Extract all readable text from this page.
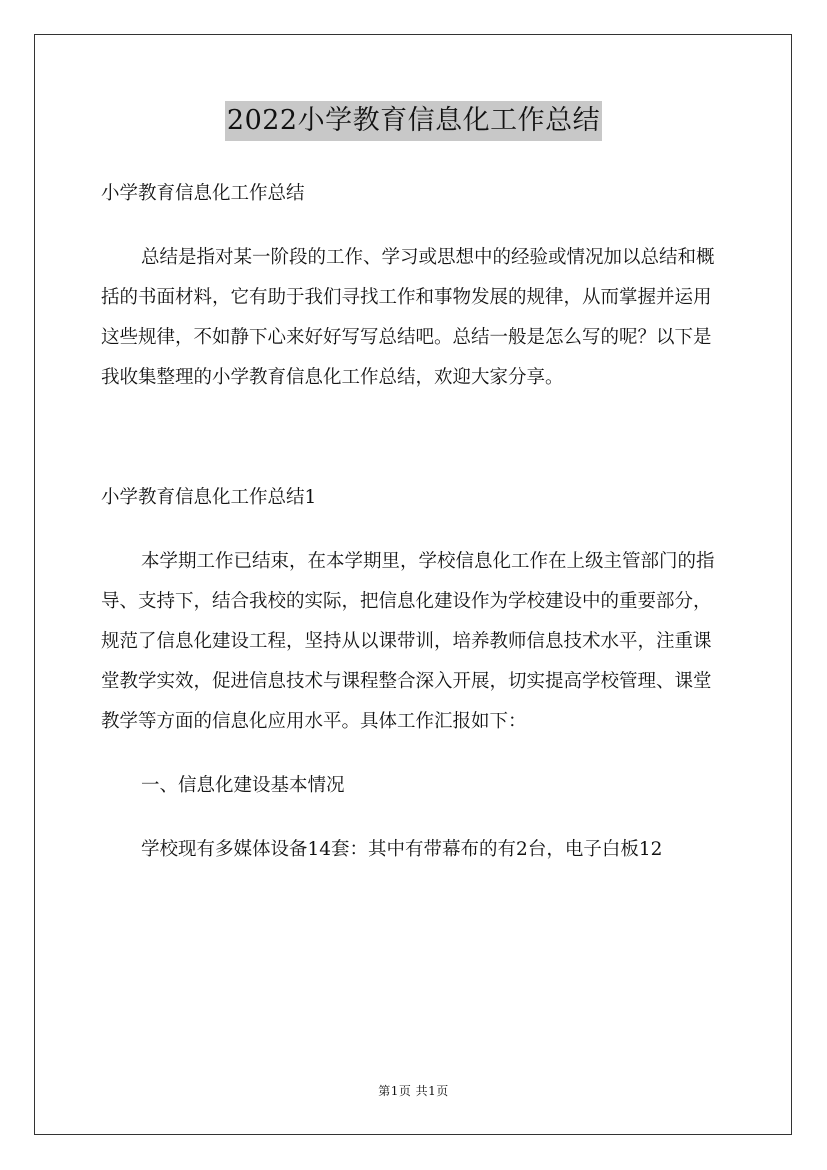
2022小学教育信息化工作总结

小学教育信息化工作总结

总结是指对某一阶段的工作、学习或思想中的经验或情况加以总结和概括的书面材料，它有助于我们寻找工作和事物发展的规律，从而掌握并运用这些规律，不如静下心来好好写写总结吧。总结一般是怎么写的呢？以下是我收集整理的小学教育信息化工作总结，欢迎大家分享。

小学教育信息化工作总结1

本学期工作已结束，在本学期里，学校信息化工作在上级主管部门的指导、支持下，结合我校的实际，把信息化建设作为学校建设中的重要部分，规范了信息化建设工程，坚持从以课带训，培养教师信息技术水平，注重课堂教学实效，促进信息技术与课程整合深入开展，切实提高学校管理、课堂教学等方面的信息化应用水平。具体工作汇报如下：

一、信息化建设基本情况

学校现有多媒体设备14套：其中有带幕布的有2台，电子白板12

第1页 共1页
